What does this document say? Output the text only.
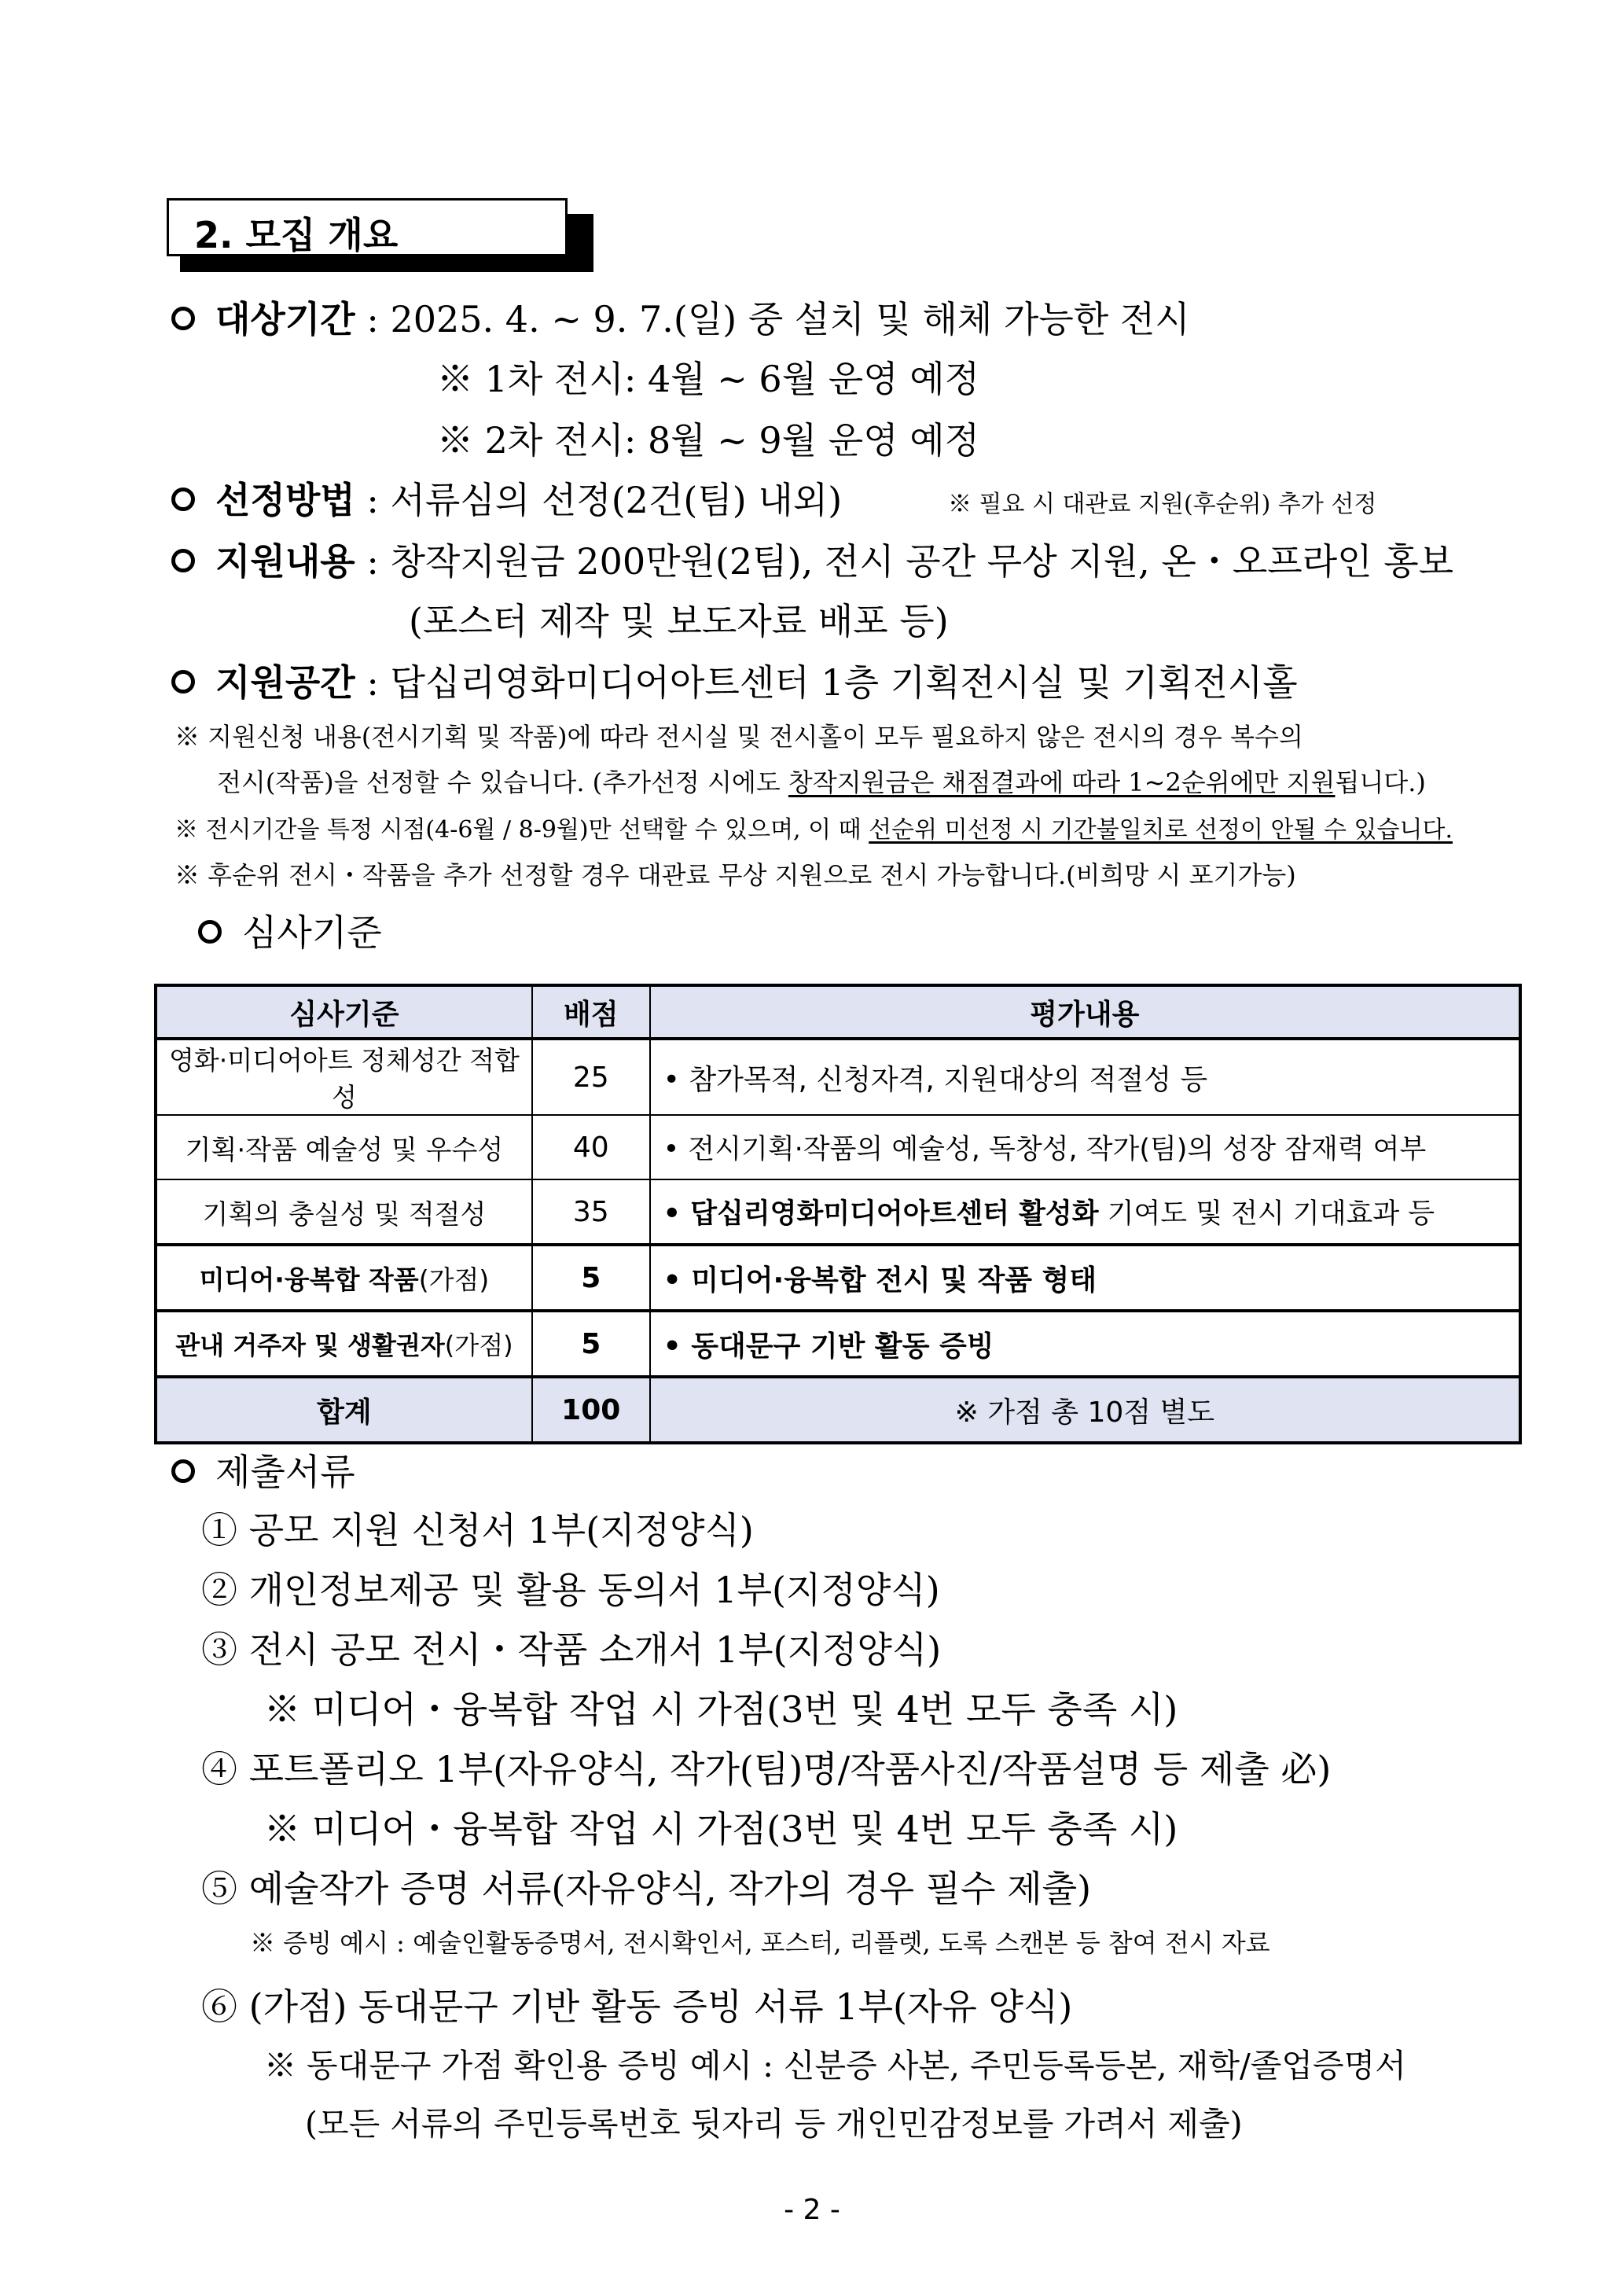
2. 모집 개요
대상기간 : 2025. 4. ~ 9. 7.(일) 중 설치 및 해체 가능한 전시
※ 1차 전시: 4월 ~ 6월 운영 예정
※ 2차 전시: 8월 ~ 9월 운영 예정
선정방법 : 서류심의 선정(2건(팀) 내외)	※ 필요 시 대관료 지원(후순위) 추가 선정
지원내용 : 창작지원금 200만원(2팀), 전시 공간 무상 지원, 온・오프라인 홍보
(포스터 제작 및 보도자료 배포 등)
지원공간 : 답십리영화미디어아트센터 1층 기획전시실 및 기획전시홀
※ 지원신청 내용(전시기획 및 작품)에 따라 전시실 및 전시홀이 모두 필요하지 않은 전시의 경우 복수의
전시(작품)을 선정할 수 있습니다. (추가선정 시에도 창작지원금은 채점결과에 따라 1~2순위에만 지원됩니다.)
※ 전시기간을 특정 시점(4-6월 / 8-9월)만 선택할 수 있으며, 이 때 선순위 미선정 시 기간불일치로 선정이 안될 수 있습니다.
※ 후순위 전시・작품을 추가 선정할 경우 대관료 무상 지원으로 전시 가능합니다.(비희망 시 포기가능)
심사기준
심사기준	배점	평가내용
영화·미디어아트 정체성간 적합성	25	• 참가목적, 신청자격, 지원대상의 적절성 등
기획·작품 예술성 및 우수성	40	• 전시기획·작품의 예술성, 독창성, 작가(팀)의 성장 잠재력 여부
기획의 충실성 및 적절성	35	• 답십리영화미디어아트센터 활성화 기여도 및 전시 기대효과 등
미디어·융복합 작품(가점)	5	• 미디어·융복합 전시 및 작품 형태
관내 거주자 및 생활권자(가점)	5	• 동대문구 기반 활동 증빙
합계	100	※ 가점 총 10점 별도
제출서류
① 공모 지원 신청서 1부(지정양식)
② 개인정보제공 및 활용 동의서 1부(지정양식)
③ 전시 공모 전시・작품 소개서 1부(지정양식)
※ 미디어・융복합 작업 시 가점(3번 및 4번 모두 충족 시)
④ 포트폴리오 1부(자유양식, 작가(팀)명/작품사진/작품설명 등 제출 必)
※ 미디어・융복합 작업 시 가점(3번 및 4번 모두 충족 시)
⑤ 예술작가 증명 서류(자유양식, 작가의 경우 필수 제출)
※ 증빙 예시 : 예술인활동증명서, 전시확인서, 포스터, 리플렛, 도록 스캔본 등 참여 전시 자료
⑥ (가점) 동대문구 기반 활동 증빙 서류 1부(자유 양식)
※ 동대문구 가점 확인용 증빙 예시 : 신분증 사본, 주민등록등본, 재학/졸업증명서
(모든 서류의 주민등록번호 뒷자리 등 개인민감정보를 가려서 제출)
- 2 -
